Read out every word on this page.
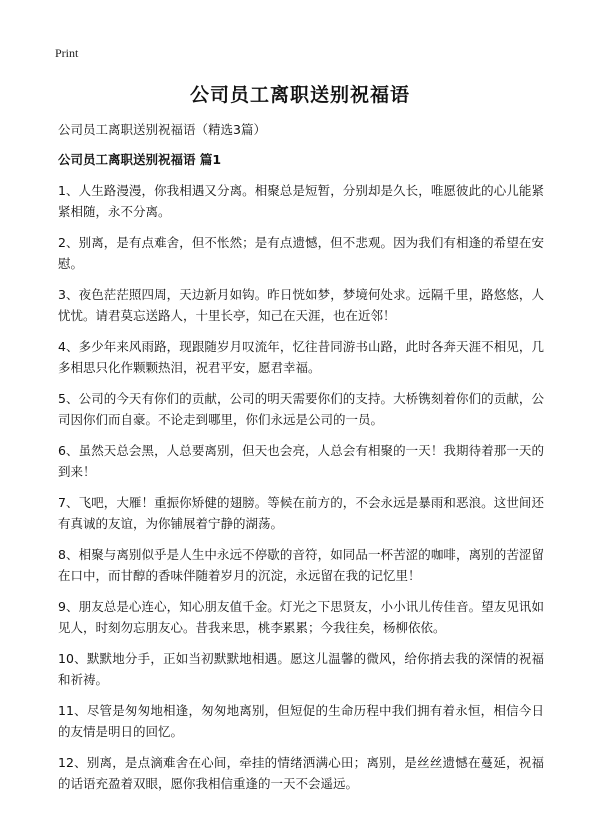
Print
公司员工离职送别祝福语
公司员工离职送别祝福语（精选3篇）
公司员工离职送别祝福语 篇1
1、人生路漫漫，你我相遇又分离。相聚总是短暂，分别却是久长，唯愿彼此的心儿能紧紧相随，永不分离。
2、别离，是有点难舍，但不怅然；是有点遗憾，但不悲观。因为我们有相逢的希望在安慰。
3、夜色茫茫照四周，天边新月如钩。昨日恍如梦，梦境何处求。远隔千里，路悠悠，人忧忧。请君莫忘送路人，十里长亭，知己在天涯，也在近邻！
4、多少年来风雨路，现跟随岁月叹流年，忆往昔同游书山路，此时各奔天涯不相见，几多相思只化作颗颗热泪，祝君平安，愿君幸福。
5、公司的今天有你们的贡献，公司的明天需要你们的支持。大桥镌刻着你们的贡献，公司因你们而自豪。不论走到哪里，你们永远是公司的一员。
6、虽然天总会黑，人总要离别，但天也会亮，人总会有相聚的一天！我期待着那一天的到来！
7、飞吧，大雁！重振你矫健的翅膀。等候在前方的，不会永远是暴雨和恶浪。这世间还有真诚的友谊，为你铺展着宁静的湖荡。
8、相聚与离别似乎是人生中永远不停歇的音符，如同品一杯苦涩的咖啡，离别的苦涩留在口中，而甘醇的香味伴随着岁月的沉淀，永远留在我的记忆里！
9、朋友总是心连心，知心朋友值千金。灯光之下思贤友，小小讯儿传佳音。望友见讯如见人，时刻勿忘朋友心。昔我来思，桃李累累；今我往矣，杨柳依依。
10、默默地分手，正如当初默默地相遇。愿这儿温馨的微风，给你捎去我的深情的祝福和祈祷。
11、尽管是匆匆地相逢，匆匆地离别，但短促的生命历程中我们拥有着永恒，相信今日的友情是明日的回忆。
12、别离，是点滴难舍在心间，牵挂的情绪洒满心田；离别，是丝丝遗憾在蔓延，祝福的话语充盈着双眼，愿你我相信重逢的一天不会遥远。
